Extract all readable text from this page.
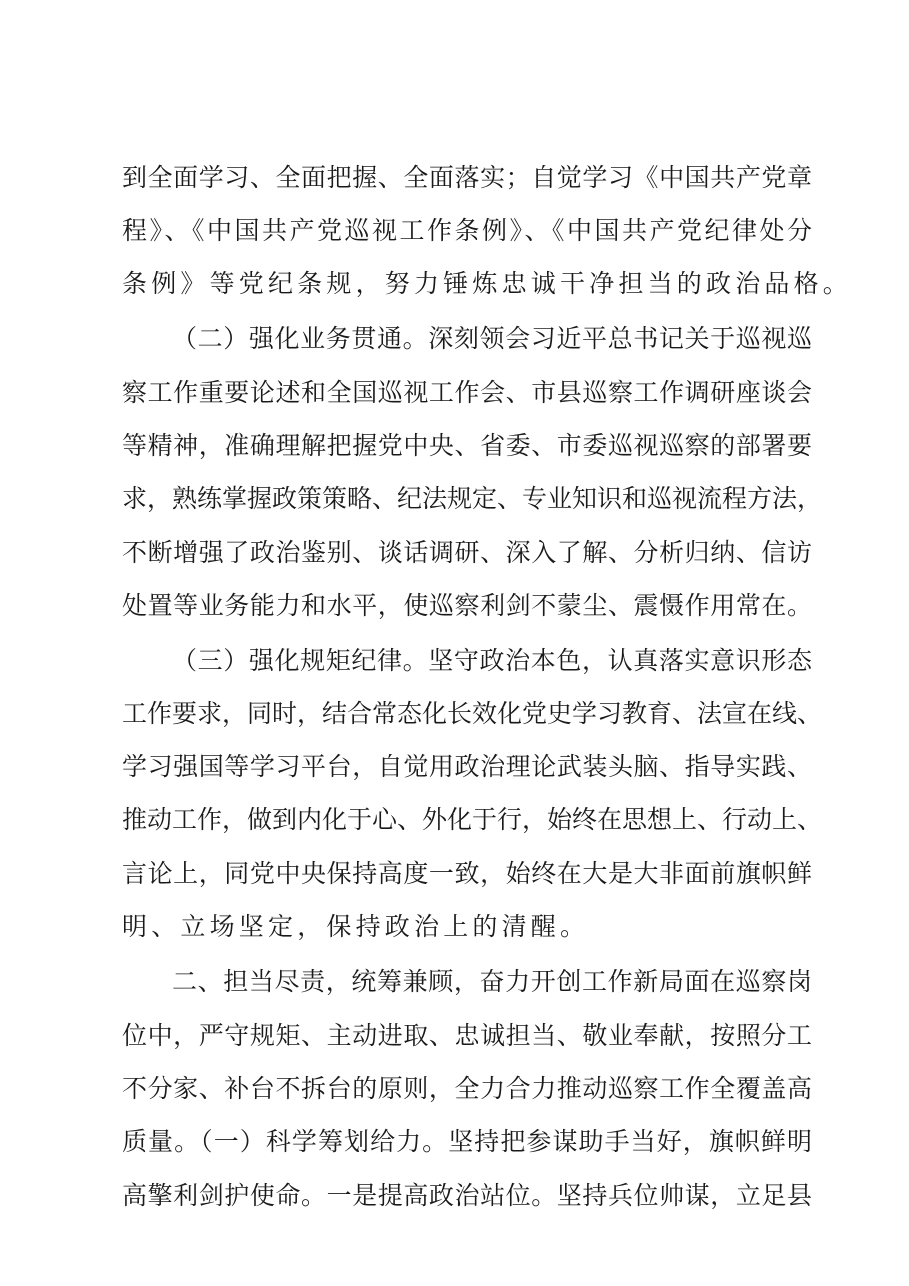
到全面学习、全面把握、全面落实；自觉学习《中国共产党章
程》、《中国共产党巡视工作条例》、《中国共产党纪律处分
条例》等党纪条规，努力锤炼忠诚干净担当的政治品格。
（二）强化业务贯通。深刻领会习近平总书记关于巡视巡
察工作重要论述和全国巡视工作会、市县巡察工作调研座谈会
等精神，准确理解把握党中央、省委、市委巡视巡察的部署要
求，熟练掌握政策策略、纪法规定、专业知识和巡视流程方法，
不断增强了政治鉴别、谈话调研、深入了解、分析归纳、信访
处置等业务能力和水平，使巡察利剑不蒙尘、震慑作用常在。
（三）强化规矩纪律。坚守政治本色，认真落实意识形态
工作要求，同时，结合常态化长效化党史学习教育、法宣在线、
学习强国等学习平台，自觉用政治理论武装头脑、指导实践、
推动工作，做到内化于心、外化于行，始终在思想上、行动上、
言论上，同党中央保持高度一致，始终在大是大非面前旗帜鲜
明、立场坚定，保持政治上的清醒。
二、担当尽责，统筹兼顾，奋力开创工作新局面在巡察岗
位中，严守规矩、主动进取、忠诚担当、敬业奉献，按照分工
不分家、补台不拆台的原则，全力合力推动巡察工作全覆盖高
质量。（一）科学筹划给力。坚持把参谋助手当好，旗帜鲜明
高擎利剑护使命。一是提高政治站位。坚持兵位帅谋，立足县
